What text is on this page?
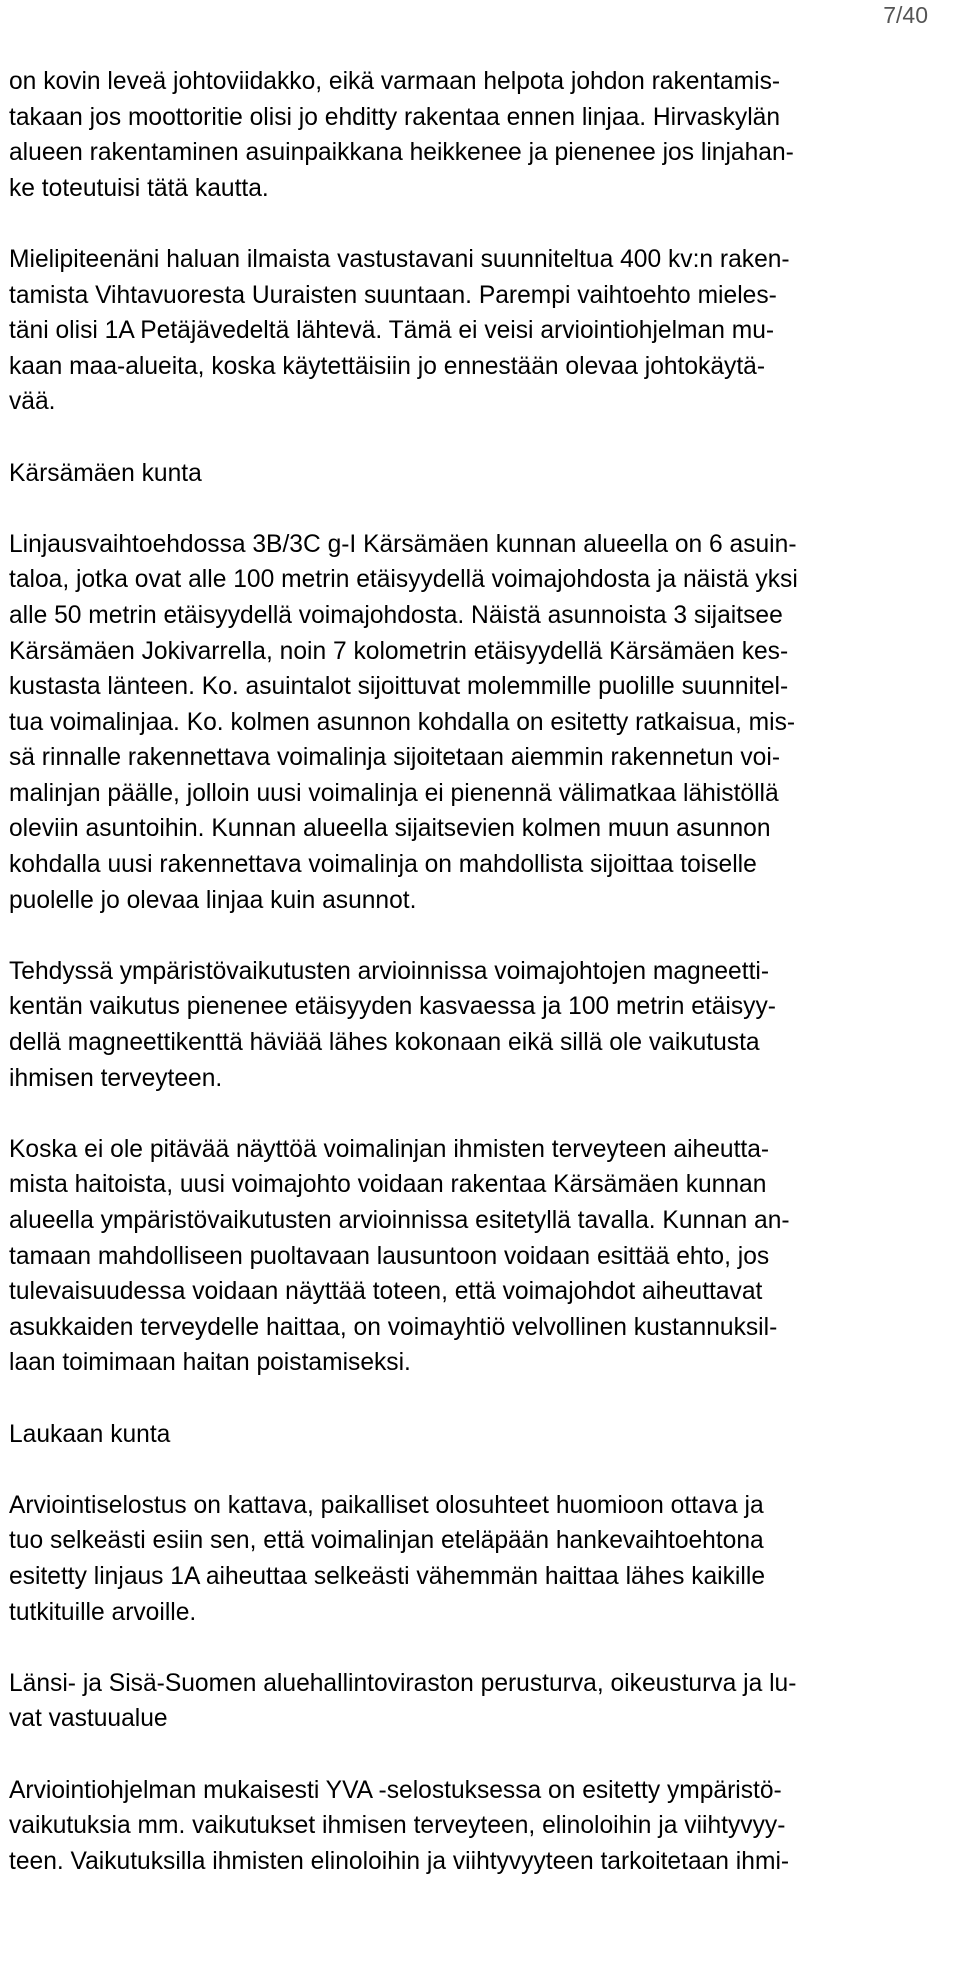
7/40
on kovin leveä johtoviidakko, eikä varmaan helpota johdon rakentamis-
takaan jos moottoritie olisi jo ehditty rakentaa ennen linjaa. Hirvaskylän
alueen rakentaminen asuinpaikkana heikkenee ja pienenee jos linjahan-
ke toteutuisi tätä kautta.
Mielipiteenäni haluan ilmaista vastustavani suunniteltua 400 kv:n raken-
tamista Vihtavuoresta Uuraisten suuntaan. Parempi vaihtoehto mieles-
täni olisi 1A Petäjävedeltä lähtevä. Tämä ei veisi arviointiohjelman mu-
kaan maa-alueita, koska käytettäisiin jo ennestään olevaa johtokäytä-
vää.
Kärsämäen kunta
Linjausvaihtoehdossa 3B/3C g-I Kärsämäen kunnan alueella on 6 asuin-
taloa, jotka ovat alle 100 metrin etäisyydellä voimajohdosta ja näistä yksi
alle 50 metrin etäisyydellä voimajohdosta. Näistä asunnoista 3 sijaitsee
Kärsämäen Jokivarrella, noin 7 kolometrin etäisyydellä Kärsämäen kes-
kustasta länteen. Ko. asuintalot sijoittuvat molemmille puolille suunnitel-
tua voimalinjaa. Ko. kolmen asunnon kohdalla on esitetty ratkaisua, mis-
sä rinnalle rakennettava voimalinja sijoitetaan aiemmin rakennetun voi-
malinjan päälle, jolloin uusi voimalinja ei pienennä välimatkaa lähistöllä
oleviin asuntoihin. Kunnan alueella sijaitsevien kolmen muun asunnon
kohdalla uusi rakennettava voimalinja on mahdollista sijoittaa toiselle
puolelle jo olevaa linjaa kuin asunnot.
Tehdyssä ympäristövaikutusten arvioinnissa voimajohtojen magneetti-
kentän vaikutus pienenee etäisyyden kasvaessa ja 100 metrin etäisyy-
dellä magneettikenttä häviää lähes kokonaan eikä sillä ole vaikutusta
ihmisen terveyteen.
Koska ei ole pitävää näyttöä voimalinjan ihmisten terveyteen aiheutta-
mista haitoista, uusi voimajohto voidaan rakentaa Kärsämäen kunnan
alueella ympäristövaikutusten arvioinnissa esitetyllä tavalla. Kunnan an-
tamaan mahdolliseen puoltavaan lausuntoon voidaan esittää ehto, jos
tulevaisuudessa voidaan näyttää toteen, että voimajohdot aiheuttavat
asukkaiden terveydelle haittaa, on voimayhtiö velvollinen kustannuksil-
laan toimimaan haitan poistamiseksi.
Laukaan kunta
Arviointiselostus on kattava, paikalliset olosuhteet huomioon ottava ja
tuo selkeästi esiin sen, että voimalinjan eteläpään hankevaihtoehtona
esitetty linjaus 1A aiheuttaa selkeästi vähemmän haittaa lähes kaikille
tutkituille arvoille.
Länsi- ja Sisä-Suomen aluehallintoviraston perusturva, oikeusturva ja lu-
vat vastuualue
Arviointiohjelman mukaisesti YVA -selostuksessa on esitetty ympäristö-
vaikutuksia mm. vaikutukset ihmisen terveyteen, elinoloihin ja viihtyvyy-
teen. Vaikutuksilla ihmisten elinoloihin ja viihtyvyyteen tarkoitetaan ihmi-
